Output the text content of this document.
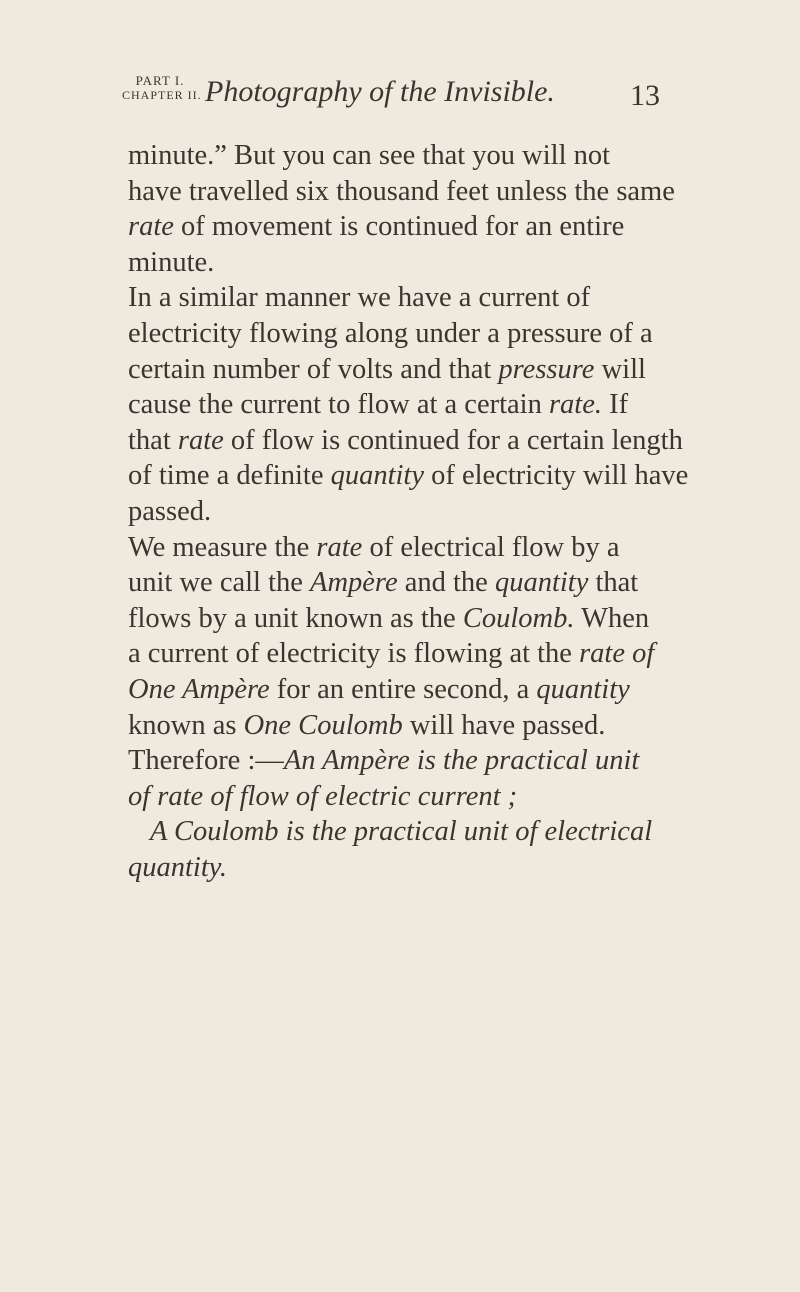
PART I.
CHAPTER II. Photography of the Invisible.	13
minute.” But you can see that you will not
have travelled six thousand feet unless the same
rate of movement is continued for an entire
minute.
In a similar manner we have a current of
electricity flowing along under a pressure of a
certain number of volts and that pressure will
cause the current to flow at a certain rate. If
that rate of flow is continued for a certain length
of time a definite quantity of electricity will have
passed.
We measure the rate of electrical flow by a
unit we call the Ampère and the quantity that
flows by a unit known as the Coulomb. When
a current of electricity is flowing at the rate of
One Ampère for an entire second, a quantity
known as One Coulomb will have passed.
Therefore :—An Ampère is the practical unit
of rate of flow of electric current ;
A Coulomb is the practical unit of electrical
quantity.
